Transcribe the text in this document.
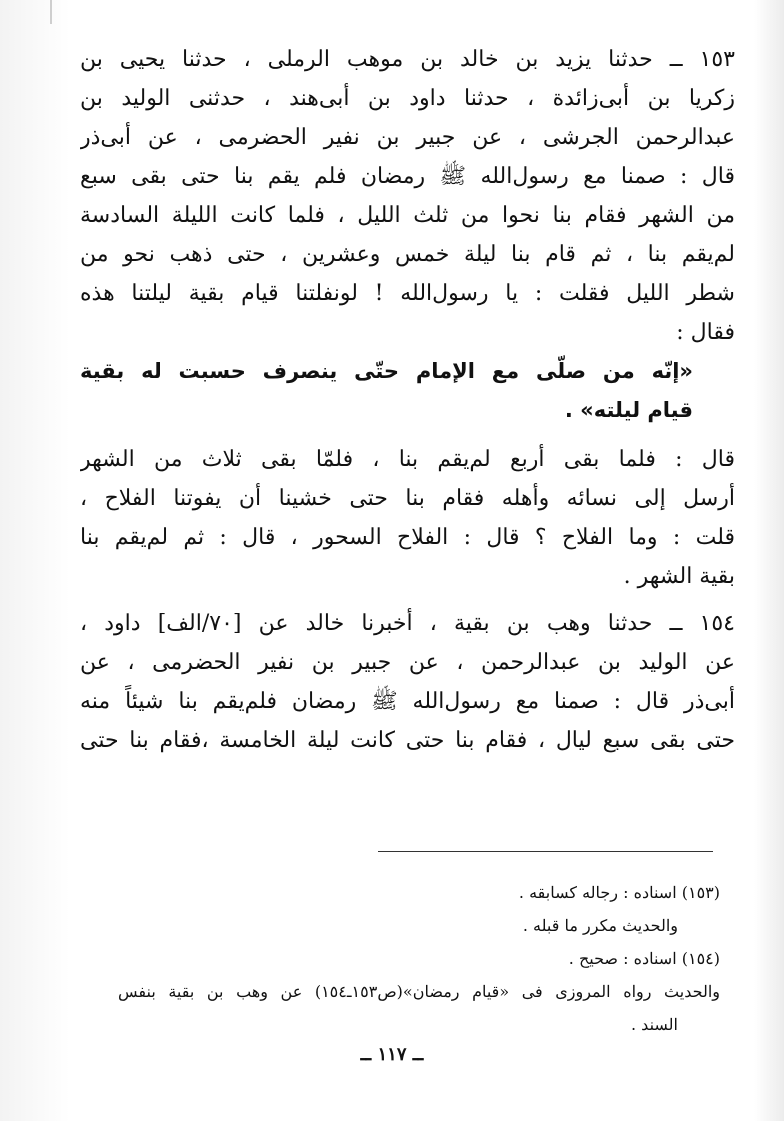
١٥٣ ــ حدثنا يزيد بن خالد بن موهب الرملى ، حدثنا يحيى بن
زكريا بن أبى‌زائدة ، حدثنا داود بن أبى‌هند ، حدثنى الوليد بن
عبدالرحمن الجرشى ، عن جبير بن نفير الحضرمى ، عن أبى‌ذر
قال : صمنا مع رسول‌الله ﷺ رمضان فلم يقم بنا حتى بقى سبع
من الشهر فقام بنا نحوا من ثلث الليل ، فلما كانت الليلة السادسة
لم‌يقم بنا ، ثم قام بنا ليلة خمس وعشرين ، حتى ذهب نحو من
شطر الليل فقلت : يا رسول‌الله ! لونفلتنا قيام بقية ليلتنا هذه
فقال :
«إنّه من صلّى مع الإمام حتّى ينصرف حسبت له بقية
قيام ليلته» .
قال : فلما بقى أربع لم‌يقم بنا ، فلمّا بقى ثلاث من الشهر
أرسل إلى نسائه وأهله فقام بنا حتى خشينا أن يفوتنا الفلاح ،
قلت : وما الفلاح ؟ قال : الفلاح السحور ، قال : ثم لم‌يقم بنا
بقية الشهر .
١٥٤ ــ حدثنا وهب بن بقية ، أخبرنا خالد عن [٧٠/الف] داود ،
عن الوليد بن عبدالرحمن ، عن جبير بن نفير الحضرمى ، عن
أبى‌ذر قال : صمنا مع رسول‌الله ﷺ رمضان فلم‌يقم بنا شيئاً منه
حتى بقى سبع ليال ، فقام بنا حتى كانت ليلة الخامسة ،فقام بنا حتى
(١٥٣) اسناده : رجاله كسابقه .
والحديث مكرر ما قبله .
(١٥٤) اسناده : صحيح .
والحديث رواه المروزى فى «قيام رمضان»(ص١٥٣ـ١٥٤) عن وهب بن بقية بنفس
السند .
ــ ١١٧ ــ
